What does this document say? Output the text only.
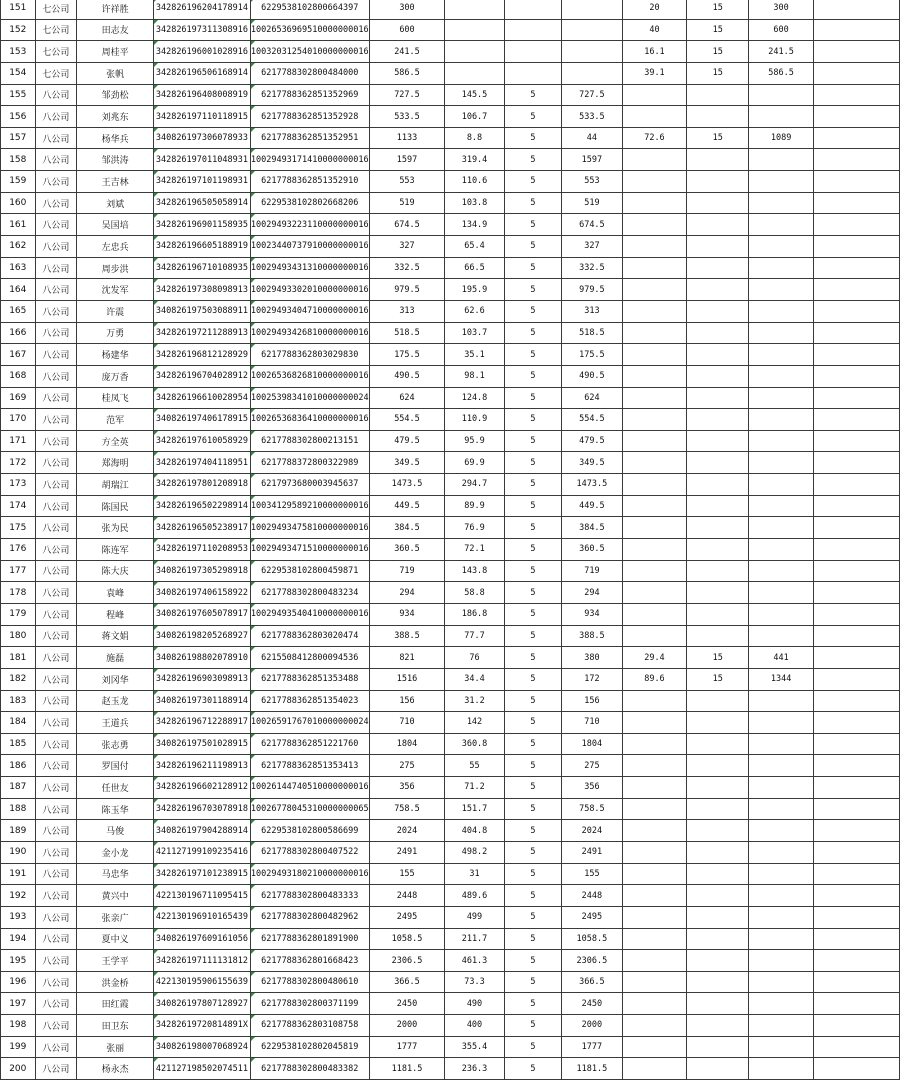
151	七公司	许祥胜	342826196204178914	6229538102800664397	300				20	15	300	
152	七公司	田志友	342826197311308916	10026536969510000000016	600				40	15	600	
153	七公司	周桂平	342826196001028916	10032031254010000000016	241.5				16.1	15	241.5	
154	七公司	张帆	342826196506168914	6217788302800484000	586.5				39.1	15	586.5	
155	八公司	邹劲松	342826196408008919	6217788362851352969	727.5	145.5	5	727.5				
156	八公司	刘兆东	342826197110118915	6217788362851352928	533.5	106.7	5	533.5				
157	八公司	杨华兵	340826197306078933	6217788362851352951	1133	8.8	5	44	72.6	15	1089	
158	八公司	邹洪涛	342826197011048931	10029493171410000000016	1597	319.4	5	1597				
159	八公司	王吉林	342826197101198931	6217788362851352910	553	110.6	5	553				
160	八公司	刘斌	342826196505058914	6229538102802668206	519	103.8	5	519				
161	八公司	吴国培	342826196901158935	10029493223110000000016	674.5	134.9	5	674.5				
162	八公司	左忠兵	342826196605188919	10023440737910000000016	327	65.4	5	327				
163	八公司	周步洪	342826196710108935	10029493431310000000016	332.5	66.5	5	332.5				
164	八公司	沈发军	342826197308098913	10029493302010000000016	979.5	195.9	5	979.5				
165	八公司	许震	340826197503088911	10029493404710000000016	313	62.6	5	313				
166	八公司	万勇	342826197211288913	10029493426810000000016	518.5	103.7	5	518.5				
167	八公司	杨建华	342826196812128929	6217788362803029830	175.5	35.1	5	175.5				
168	八公司	庞万香	342826196704028912	10026536826810000000016	490.5	98.1	5	490.5				
169	八公司	桂凤飞	342826196610028954	10025398341010000000024	624	124.8	5	624				
170	八公司	范军	340826197406178915	10026536836410000000016	554.5	110.9	5	554.5				
171	八公司	方全英	342826197610058929	6217788302800213151	479.5	95.9	5	479.5				
172	八公司	郑海明	342826197404118951	6217788372800322989	349.5	69.9	5	349.5				
173	八公司	胡瑞江	342826197801208918	6217973680003945637	1473.5	294.7	5	1473.5				
174	八公司	陈国民	342826196502298914	10034129589210000000016	449.5	89.9	5	449.5				
175	八公司	张为民	342826196505238917	10029493475810000000016	384.5	76.9	5	384.5				
176	八公司	陈连军	342826197110208953	10029493471510000000016	360.5	72.1	5	360.5				
177	八公司	陈大庆	340826197305298918	6229538102800459871	719	143.8	5	719				
178	八公司	袁峰	340826197406158922	6217788302800483234	294	58.8	5	294				
179	八公司	程峰	340826197605078917	10029493540410000000016	934	186.8	5	934				
180	八公司	蒋文娟	340826198205268927	6217788362803020474	388.5	77.7	5	388.5				
181	八公司	施磊	340826198802078910	6215508412800094536	821	76	5	380	29.4	15	441	
182	八公司	刘冈华	342826196903098913	6217788362851353488	1516	34.4	5	172	89.6	15	1344	
183	八公司	赵玉龙	340826197301188914	6217788362851354023	156	31.2	5	156				
184	八公司	王道兵	342826196712288917	10026591767010000000024	710	142	5	710				
185	八公司	张志勇	340826197501028915	6217788362851221760	1804	360.8	5	1804				
186	八公司	罗国付	342826196211198913	6217788362851353413	275	55	5	275				
187	八公司	任世友	342826196602128912	10026144740510000000016	356	71.2	5	356				
188	八公司	陈玉华	342826196703078918	10026778045310000000065	758.5	151.7	5	758.5				
189	八公司	马俊	340826197904288914	6229538102800586699	2024	404.8	5	2024				
190	八公司	金小龙	421127199109235416	6217788302800407522	2491	498.2	5	2491				
191	八公司	马忠华	342826197101238915	10029493180210000000016	155	31	5	155				
192	八公司	黄兴中	422130196711095415	6217788302800483333	2448	489.6	5	2448				
193	八公司	张亲广	422130196910165439	6217788302800482962	2495	499	5	2495				
194	八公司	夏中义	340826197609161056	6217788362801891900	1058.5	211.7	5	1058.5				
195	八公司	王学平	342826197111131812	6217788362801668423	2306.5	461.3	5	2306.5				
196	八公司	洪金桥	422130195906155639	6217788302800480610	366.5	73.3	5	366.5				
197	八公司	田红霞	340826197807128927	6217788302800371199	2450	490	5	2450				
198	八公司	田卫东	34282619720814891X	6217788362803108758	2000	400	5	2000				
199	八公司	张丽	340826198007068924	6229538102802045819	1777	355.4	5	1777				
200	八公司	杨永杰	421127198502074511	6217788302800483382	1181.5	236.3	5	1181.5				
